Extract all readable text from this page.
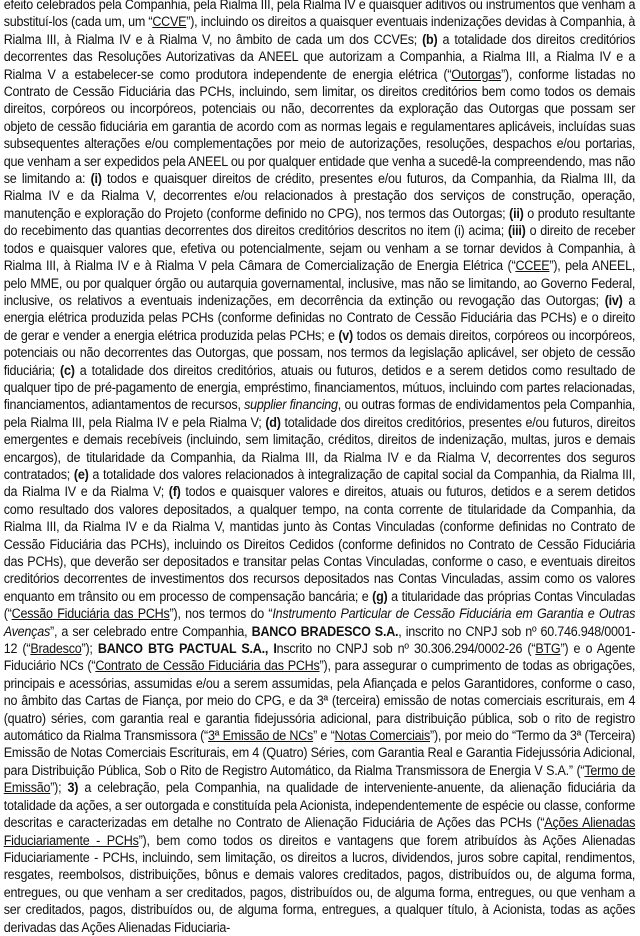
efeito celebrados pela Companhia, pela Rialma III, pela Rialma IV e quaisquer aditivos ou instrumentos que venham a substituí-los (cada um, um “CCVE”), incluindo os direitos a quaisquer eventuais indenizações devidas à Companhia, à Rialma III, à Rialma IV e à Rialma V, no âmbito de cada um dos CCVEs; (b) a totalidade dos direitos creditórios decorrentes das Resoluções Autorizativas da ANEEL que autorizam a Companhia, a Rialma III, a Rialma IV e a Rialma V a estabelecer-se como produtora independente de energia elétrica (“Outorgas”), conforme listadas no Contrato de Cessão Fiduciária das PCHs, incluindo, sem limitar, os direitos creditórios bem como todos os demais direitos, corpóreos ou incorpóreos, potenciais ou não, decorrentes da exploração das Outorgas que possam ser objeto de cessão fiduciária em garantia de acordo com as normas legais e regulamentares aplicáveis, incluídas suas subsequentes alterações e/ou complementações por meio de autorizações, resoluções, despachos e/ou portarias, que venham a ser expedidos pela ANEEL ou por qualquer entidade que venha a sucedê-la compreendendo, mas não se limitando a: (i) todos e quaisquer direitos de crédito, presentes e/ou futuros, da Companhia, da Rialma III, da Rialma IV e da Rialma V, decorrentes e/ou relacionados à prestação dos serviços de construção, operação, manutenção e exploração do Projeto (conforme definido no CPG), nos termos das Outorgas; (ii) o produto resultante do recebimento das quantias decorrentes dos direitos creditórios descritos no item (i) acima; (iii) o direito de receber todos e quaisquer valores que, efetiva ou potencialmente, sejam ou venham a se tornar devidos à Companhia, à Rialma III, à Rialma IV e à Rialma V pela Câmara de Comercialização de Energia Elétrica (“CCEE”), pela ANEEL, pelo MME, ou por qualquer órgão ou autarquia governamental, inclusive, mas não se limitando, ao Governo Federal, inclusive, os relativos a eventuais indenizações, em decorrência da extinção ou revogação das Outorgas; (iv) a energia elétrica produzida pelas PCHs (conforme definidas no Contrato de Cessão Fiduciária das PCHs) e o direito de gerar e vender a energia elétrica produzida pelas PCHs; e (v) todos os demais direitos, corpóreos ou incorpóreos, potenciais ou não decorrentes das Outorgas, que possam, nos termos da legislação aplicável, ser objeto de cessão fiduciária; (c) a totalidade dos direitos creditórios, atuais ou futuros, detidos e a serem detidos como resultado de qualquer tipo de pré-pagamento de energia, empréstimo, financiamentos, mútuos, incluindo com partes relacionadas, financiamentos, adiantamentos de recursos, supplier financing, ou outras formas de endividamentos pela Companhia, pela Rialma III, pela Rialma IV e pela Rialma V; (d) totalidade dos direitos creditórios, presentes e/ou futuros, direitos emergentes e demais recebíveis (incluindo, sem limitação, créditos, direitos de indenização, multas, juros e demais encargos), de titularidade da Companhia, da Rialma III, da Rialma IV e da Rialma V, decorrentes dos seguros contratados; (e) a totalidade dos valores relacionados à integralização de capital social da Companhia, da Rialma III, da Rialma IV e da Rialma V; (f) todos e quaisquer valores e direitos, atuais ou futuros, detidos e a serem detidos como resultado dos valores depositados, a qualquer tempo, na conta corrente de titularidade da Companhia, da Rialma III, da Rialma IV e da Rialma V, mantidas junto às Contas Vinculadas (conforme definidas no Contrato de Cessão Fiduciária das PCHs), incluindo os Direitos Cedidos (conforme definidos no Contrato de Cessão Fiduciária das PCHs), que deverão ser depositados e transitar pelas Contas Vinculadas, conforme o caso, e eventuais direitos creditórios decorrentes de investimentos dos recursos depositados nas Contas Vinculadas, assim como os valores enquanto em trânsito ou em processo de compensação bancária; e (g) a titularidade das próprias Contas Vinculadas (“Cessão Fiduciária das PCHs”), nos termos do “Instrumento Particular de Cessão Fiduciária em Garantia e Outras Avenças”, a ser celebrado entre Companhia, BANCO BRADESCO S.A., inscrito no CNPJ sob nº 60.746.948/0001-12 (“Bradesco”); BANCO BTG PACTUAL S.A., Inscrito no CNPJ sob nº 30.306.294/0002-26 (“BTG”) e o Agente Fiduciário NCs (“Contrato de Cessão Fiduciária das PCHs”), para assegurar o cumprimento de todas as obrigações, principais e acessórias, assumidas e/ou a serem assumidas, pela Afiançada e pelos Garantidores, conforme o caso, no âmbito das Cartas de Fiança, por meio do CPG, e da 3ª (terceira) emissão de notas comerciais escriturais, em 4 (quatro) séries, com garantia real e garantia fidejussória adicional, para distribuição pública, sob o rito de registro automático da Rialma Transmissora (“3ª Emissão de NCs” e “Notas Comerciais”), por meio do “Termo da 3ª (Terceira) Emissão de Notas Comerciais Escriturais, em 4 (Quatro) Séries, com Garantia Real e Garantia Fidejussória Adicional, para Distribuição Pública, Sob o Rito de Registro Automático, da Rialma Transmissora de Energia V S.A.” (“Termo de Emissão”); 3) a celebração, pela Companhia, na qualidade de interveniente-anuente, da alienação fiduciária da totalidade da ações, a ser outorgada e constituída pela Acionista, independentemente de espécie ou classe, conforme descritas e caracterizadas em detalhe no Contrato de Alienação Fiduciária de Ações das PCHs (“Ações Alienadas Fiduciariamente - PCHs”), bem como todos os direitos e vantagens que forem atribuídos às Ações Alienadas Fiduciariamente - PCHs, incluindo, sem limitação, os direitos a lucros, dividendos, juros sobre capital, rendimentos, resgates, reembolsos, distribuições, bônus e demais valores creditados, pagos, distribuídos ou, de alguma forma, entregues, ou que venham a ser creditados, pagos, distribuídos ou, de alguma forma, entregues, ou que venham a ser creditados, pagos, distribuídos ou, de alguma forma, entregues, a qualquer título, à Acionista, todas as ações derivadas das Ações Alienadas Fiduciaria-
